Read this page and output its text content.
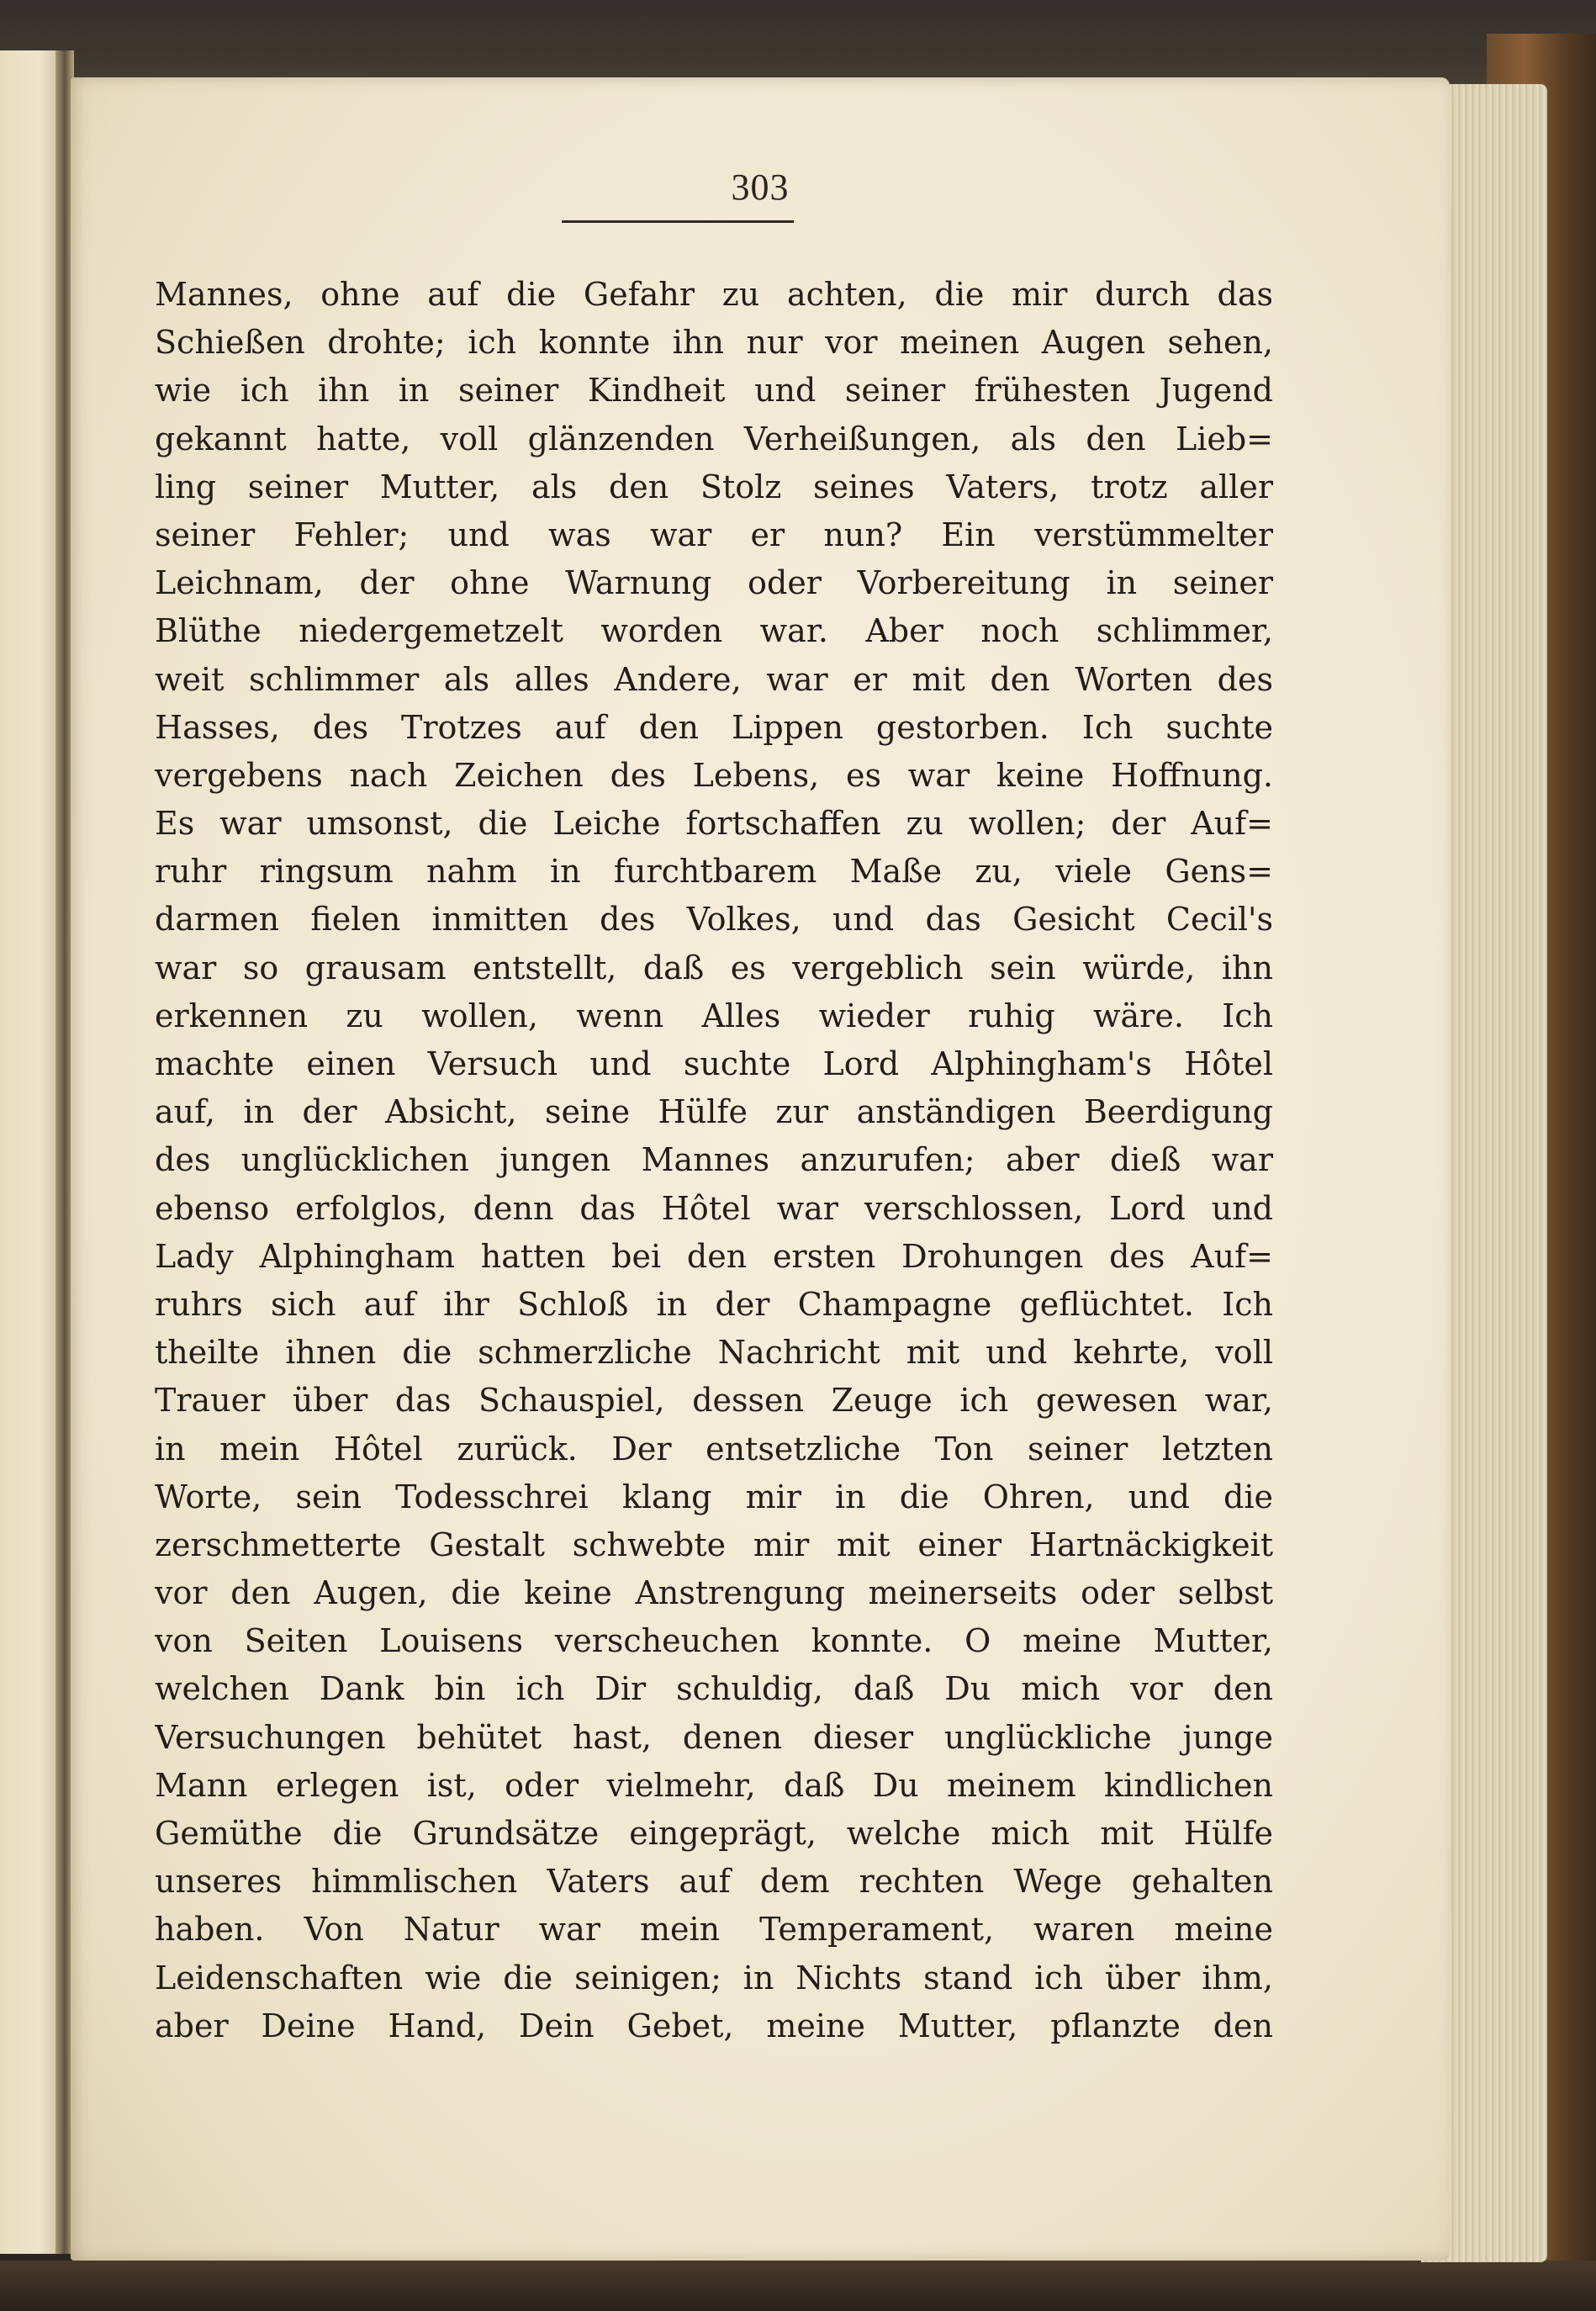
303
Mannes, ohne auf die Gefahr zu achten, die mir durch das
Schießen drohte; ich konnte ihn nur vor meinen Augen sehen,
wie ich ihn in seiner Kindheit und seiner frühesten Jugend
gekannt hatte, voll glänzenden Verheißungen, als den Lieb=
ling seiner Mutter, als den Stolz seines Vaters, trotz aller
seiner Fehler; und was war er nun? Ein verstümmelter
Leichnam, der ohne Warnung oder Vorbereitung in seiner
Blüthe niedergemetzelt worden war. Aber noch schlimmer,
weit schlimmer als alles Andere, war er mit den Worten des
Hasses, des Trotzes auf den Lippen gestorben. Ich suchte
vergebens nach Zeichen des Lebens, es war keine Hoffnung.
Es war umsonst, die Leiche fortschaffen zu wollen; der Auf=
ruhr ringsum nahm in furchtbarem Maße zu, viele Gens=
darmen fielen inmitten des Volkes, und das Gesicht Cecil's
war so grausam entstellt, daß es vergeblich sein würde, ihn
erkennen zu wollen, wenn Alles wieder ruhig wäre. Ich
machte einen Versuch und suchte Lord Alphingham's Hôtel
auf, in der Absicht, seine Hülfe zur anständigen Beerdigung
des unglücklichen jungen Mannes anzurufen; aber dieß war
ebenso erfolglos, denn das Hôtel war verschlossen, Lord und
Lady Alphingham hatten bei den ersten Drohungen des Auf=
ruhrs sich auf ihr Schloß in der Champagne geflüchtet. Ich
theilte ihnen die schmerzliche Nachricht mit und kehrte, voll
Trauer über das Schauspiel, dessen Zeuge ich gewesen war,
in mein Hôtel zurück. Der entsetzliche Ton seiner letzten
Worte, sein Todesschrei klang mir in die Ohren, und die
zerschmetterte Gestalt schwebte mir mit einer Hartnäckigkeit
vor den Augen, die keine Anstrengung meinerseits oder selbst
von Seiten Louisens verscheuchen konnte. O meine Mutter,
welchen Dank bin ich Dir schuldig, daß Du mich vor den
Versuchungen behütet hast, denen dieser unglückliche junge
Mann erlegen ist, oder vielmehr, daß Du meinem kindlichen
Gemüthe die Grundsätze eingeprägt, welche mich mit Hülfe
unseres himmlischen Vaters auf dem rechten Wege gehalten
haben. Von Natur war mein Temperament, waren meine
Leidenschaften wie die seinigen; in Nichts stand ich über ihm,
aber Deine Hand, Dein Gebet, meine Mutter, pflanzte den
